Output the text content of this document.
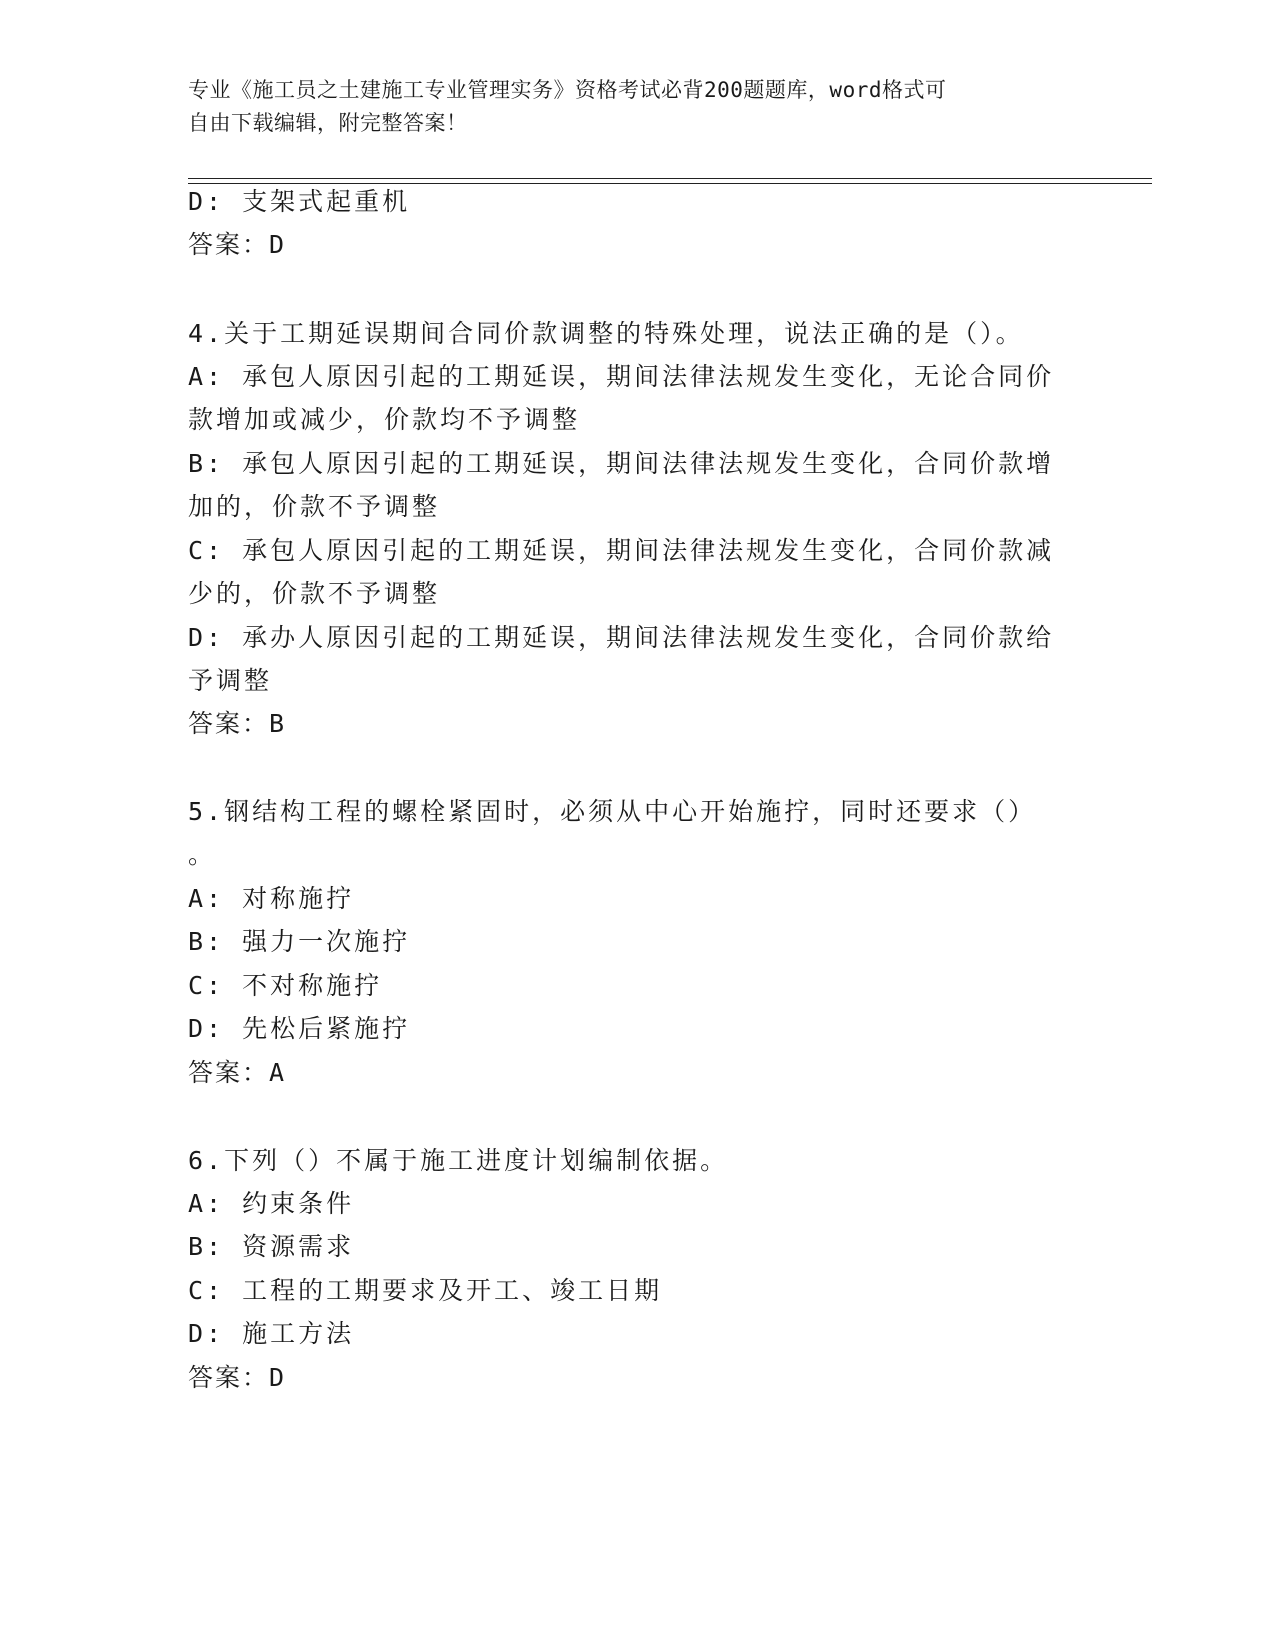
专业《施工员之土建施工专业管理实务》资格考试必背200题题库，word格式可
自由下载编辑，附完整答案！
D: 支架式起重机
答案：D
4.关于工期延误期间合同价款调整的特殊处理，说法正确的是（）。
A: 承包人原因引起的工期延误，期间法律法规发生变化，无论合同价
款增加或减少，价款均不予调整
B: 承包人原因引起的工期延误，期间法律法规发生变化，合同价款增
加的，价款不予调整
C: 承包人原因引起的工期延误，期间法律法规发生变化，合同价款减
少的，价款不予调整
D: 承办人原因引起的工期延误，期间法律法规发生变化，合同价款给
予调整
答案：B
5.钢结构工程的螺栓紧固时，必须从中心开始施拧，同时还要求（）
。
A: 对称施拧
B: 强力一次施拧
C: 不对称施拧
D: 先松后紧施拧
答案：A
6.下列（）不属于施工进度计划编制依据。
A: 约束条件
B: 资源需求
C: 工程的工期要求及开工、竣工日期
D: 施工方法
答案：D
